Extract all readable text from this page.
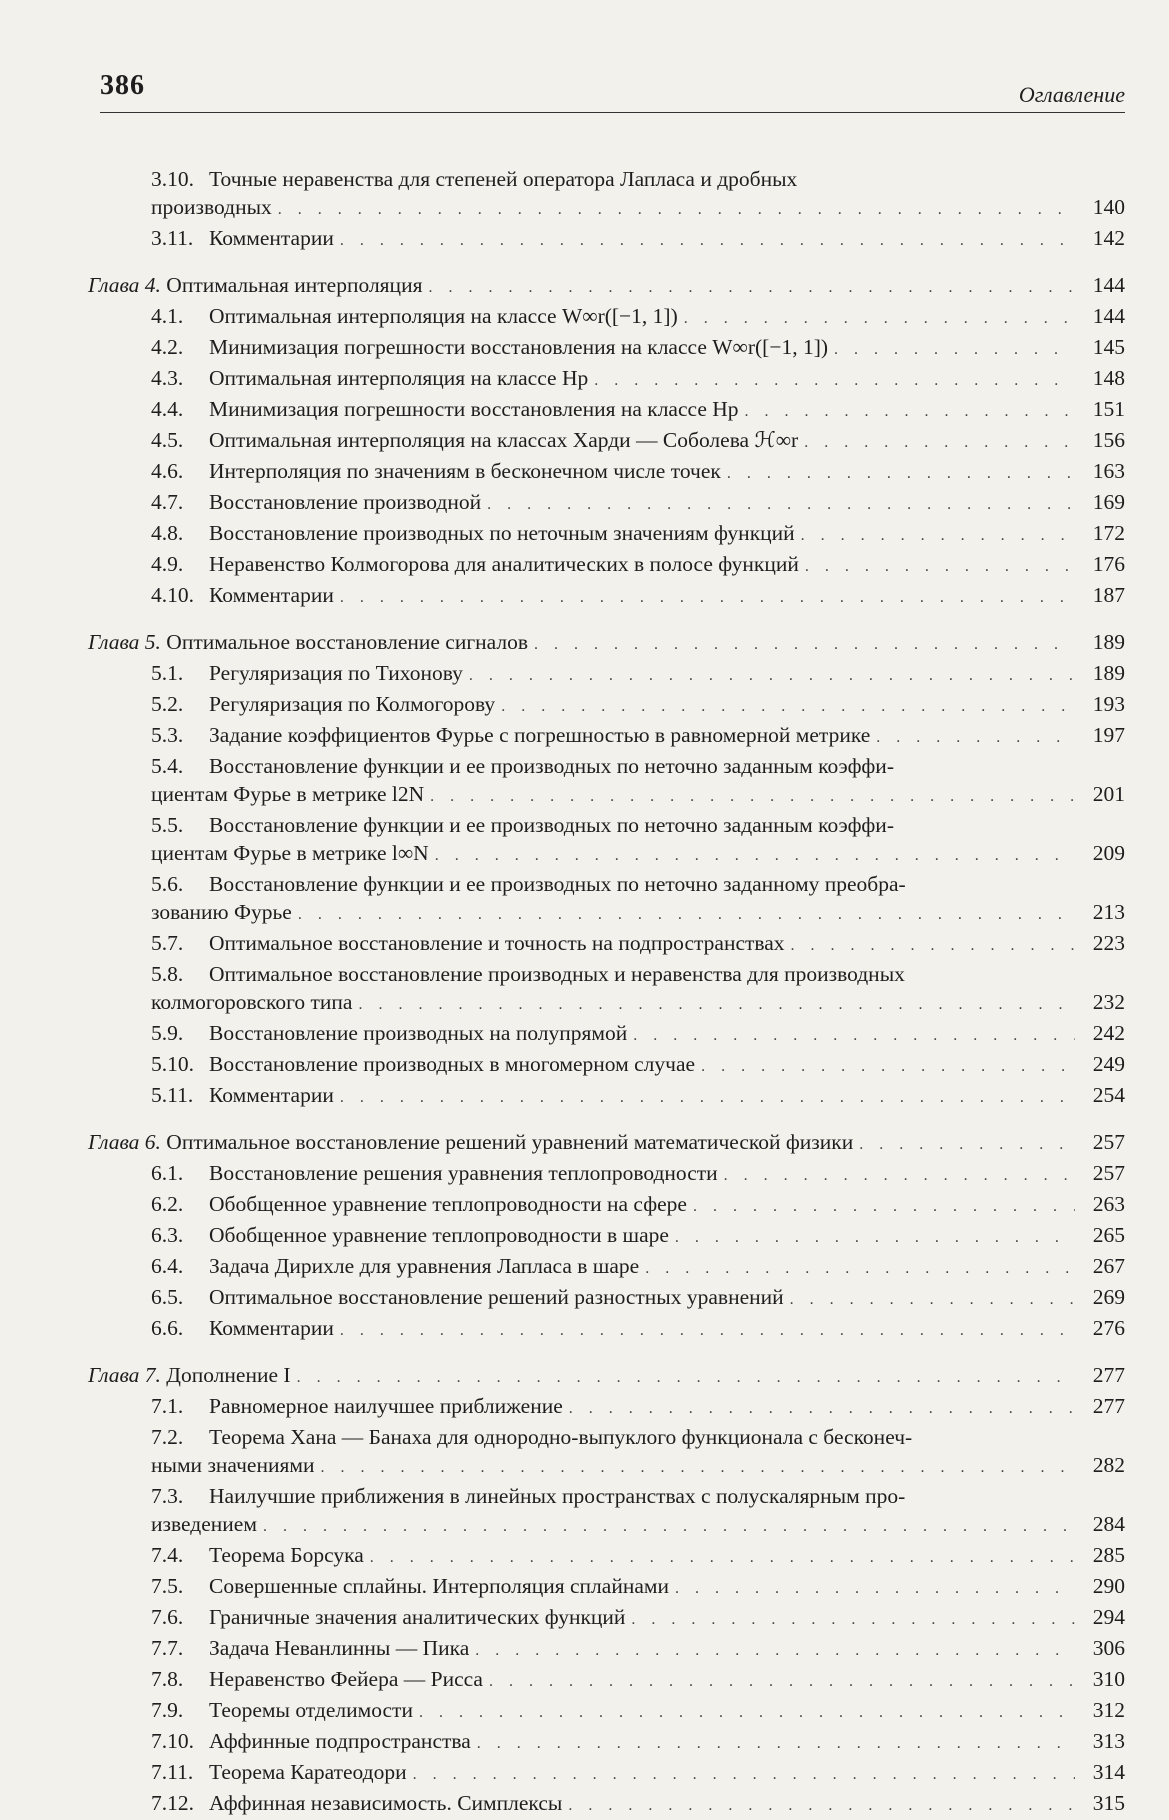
386	Оглавление
3.10. Точные неравенства для степеней оператора Лапласа и дробных
производных . . .	140
3.11. Комментарии . . .	142
Глава 4.
Оптимальная интерполяция . . .	144
4.1.	Оптимальная интерполяция на классе W∞r([−1, 1]) . . .	144
4.2.	Минимизация погрешности восстановления на классе W∞r([−1, 1]) . . .	145
4.3.	Оптимальная интерполяция на классе Hp . . .	148
4.4.	Минимизация погрешности восстановления на классе Hp . . .	151
4.5.	Оптимальная интерполяция на классах Харди — Соболева ℋ∞r . . .	156
4.6.	Интерполяция по значениям в бесконечном числе точек . . .	163
4.7.	Восстановление производной . . .	169
4.8.	Восстановление производных по неточным значениям функций . . .	172
4.9.	Неравенство Колмогорова для аналитических в полосе функций . . .	176
4.10. Комментарии . . .	187
Глава 5.
Оптимальное восстановление сигналов . . .	189
5.1.	Регуляризация по Тихонову . . .	189
5.2.	Регуляризация по Колмогорову . . .	193
5.3.	Задание коэффициентов Фурье с погрешностью в равномерной метрике . . .	197
5.4.	Восстановление функции и ее производных по неточно заданным коэффи-
циентам Фурье в метрике l2N . . .	201
5.5.	Восстановление функции и ее производных по неточно заданным коэффи-
циентам Фурье в метрике l∞N . . .	209
5.6.	Восстановление функции и ее производных по неточно заданному преобра-
зованию Фурье . . .	213
5.7.	Оптимальное восстановление и точность на подпространствах . . .	223
5.8.	Оптимальное восстановление производных и неравенства для производных
колмогоровского типа . . .	232
5.9.	Восстановление производных на полупрямой . . .	242
5.10. Восстановление производных в многомерном случае . . .	249
5.11. Комментарии . . .	254
Глава 6.
Оптимальное восстановление решений уравнений математической физики . . .	257
6.1.	Восстановление решения уравнения теплопроводности . . .	257
6.2.	Обобщенное уравнение теплопроводности на сфере . . .	263
6.3.	Обобщенное уравнение теплопроводности в шаре . . .	265
6.4.	Задача Дирихле для уравнения Лапласа в шаре . . .	267
6.5.	Оптимальное восстановление решений разностных уравнений . . .	269
6.6.	Комментарии . . .	276
Глава 7.
Дополнение I . . .	277
7.1.	Равномерное наилучшее приближение . . .	277
7.2.	Теорема Хана — Банаха для однородно-выпуклого функционала с бесконеч-
ными значениями . . .	282
7.3.	Наилучшие приближения в линейных пространствах с полускалярным про-
изведением . . .	284
7.4.	Теорема Борсука . . .	285
7.5.	Совершенные сплайны. Интерполяция сплайнами . . .	290
7.6.	Граничные значения аналитических функций . . .	294
7.7.	Задача Неванлинны — Пика . . .	306
7.8.	Неравенство Фейера — Рисса . . .	310
7.9.	Теоремы отделимости . . .	312
7.10. Аффинные подпространства . . .	313
7.11. Теорема Каратеодори . . .	314
7.12. Аффинная независимость. Симплексы . . .	315
